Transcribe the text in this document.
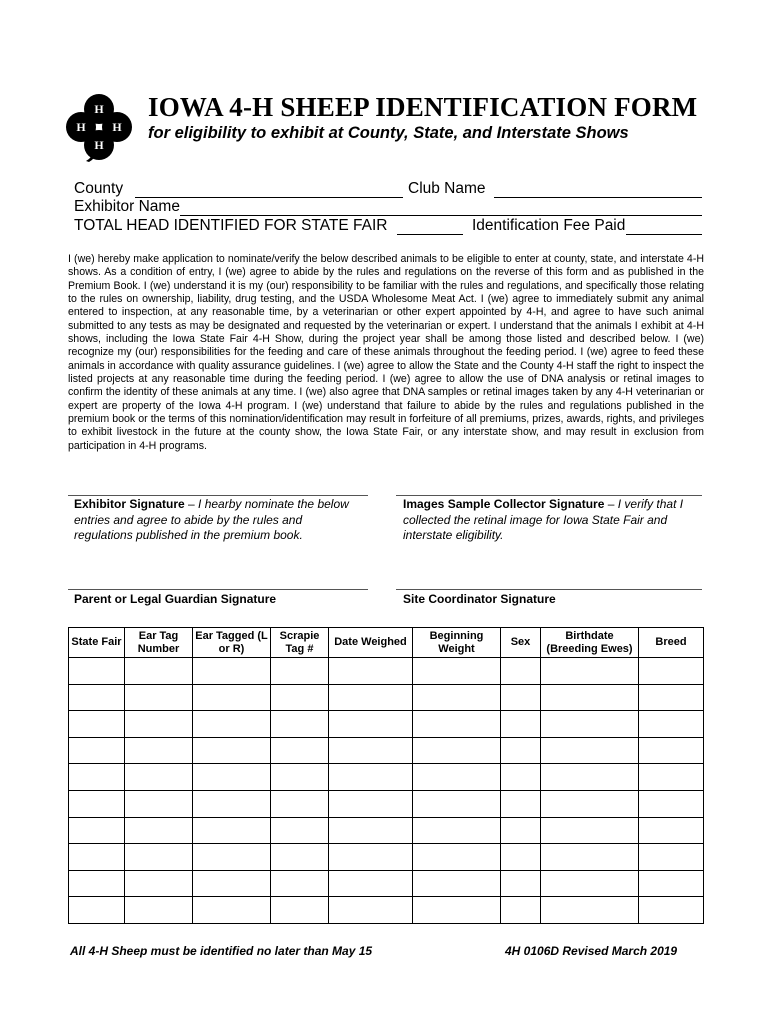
H
H
H
H
IOWA 4-H SHEEP IDENTIFICATION FORM
for eligibility to exhibit at County, State, and Interstate Shows
County	Club Name
Exhibitor Name
TOTAL HEAD IDENTIFIED FOR STATE FAIR	Identification Fee Paid
I (we) hereby make application to nominate/verify the below described animals to be eligible to enter at county, state, and interstate 4-H shows. As a condition of entry, I (we) agree to abide by the rules and regulations on the reverse of this form and as published in the Premium Book. I (we) understand it is my (our) responsibility to be familiar with the rules and regulations, and specifically those relating to the rules on ownership, liability, drug testing, and the USDA Wholesome Meat Act. I (we) agree to immediately submit any animal entered to inspection, at any reasonable time, by a veterinarian or other expert appointed by 4-H, and agree to have such animal submitted to any tests as may be designated and requested by the veterinarian or expert. I understand that the animals I exhibit at 4-H shows, including the Iowa State Fair 4-H Show, during the project year shall be among those listed and described below. I (we) recognize my (our) responsibilities for the feeding and care of these animals throughout the feeding period. I (we) agree to feed these animals in accordance with quality assurance guidelines. I (we) agree to allow the State and the County 4-H staff the right to inspect the listed projects at any reasonable time during the feeding period. I (we) agree to allow the use of DNA analysis or retinal images to confirm the identity of these animals at any time. I (we) also agree that DNA samples or retinal images taken by any 4-H veterinarian or expert are property of the Iowa 4-H program. I (we) understand that failure to abide by the rules and regulations published in the premium book or the terms of this nomination/identification may result in forfeiture of all premiums, prizes, awards, rights, and privileges to exhibit livestock in the future at the county show, the Iowa State Fair, or any interstate show, and may result in exclusion from participation in 4-H programs.
Exhibitor Signature – I hearby nominate the below entries and agree to abide by the rules and regulations published in the premium book.
Images Sample Collector Signature – I verify that I collected the retinal image for Iowa State Fair and interstate eligibility.
Parent or Legal Guardian Signature	Site Coordinator Signature
State Fair	Ear Tag Number	Ear Tagged (L or R)	Scrapie Tag #	Date Weighed	Beginning Weight	Sex	Birthdate (Breeding Ewes)	Breed

All 4-H Sheep must be identified no later than May 15	4H 0106D Revised March 2019
